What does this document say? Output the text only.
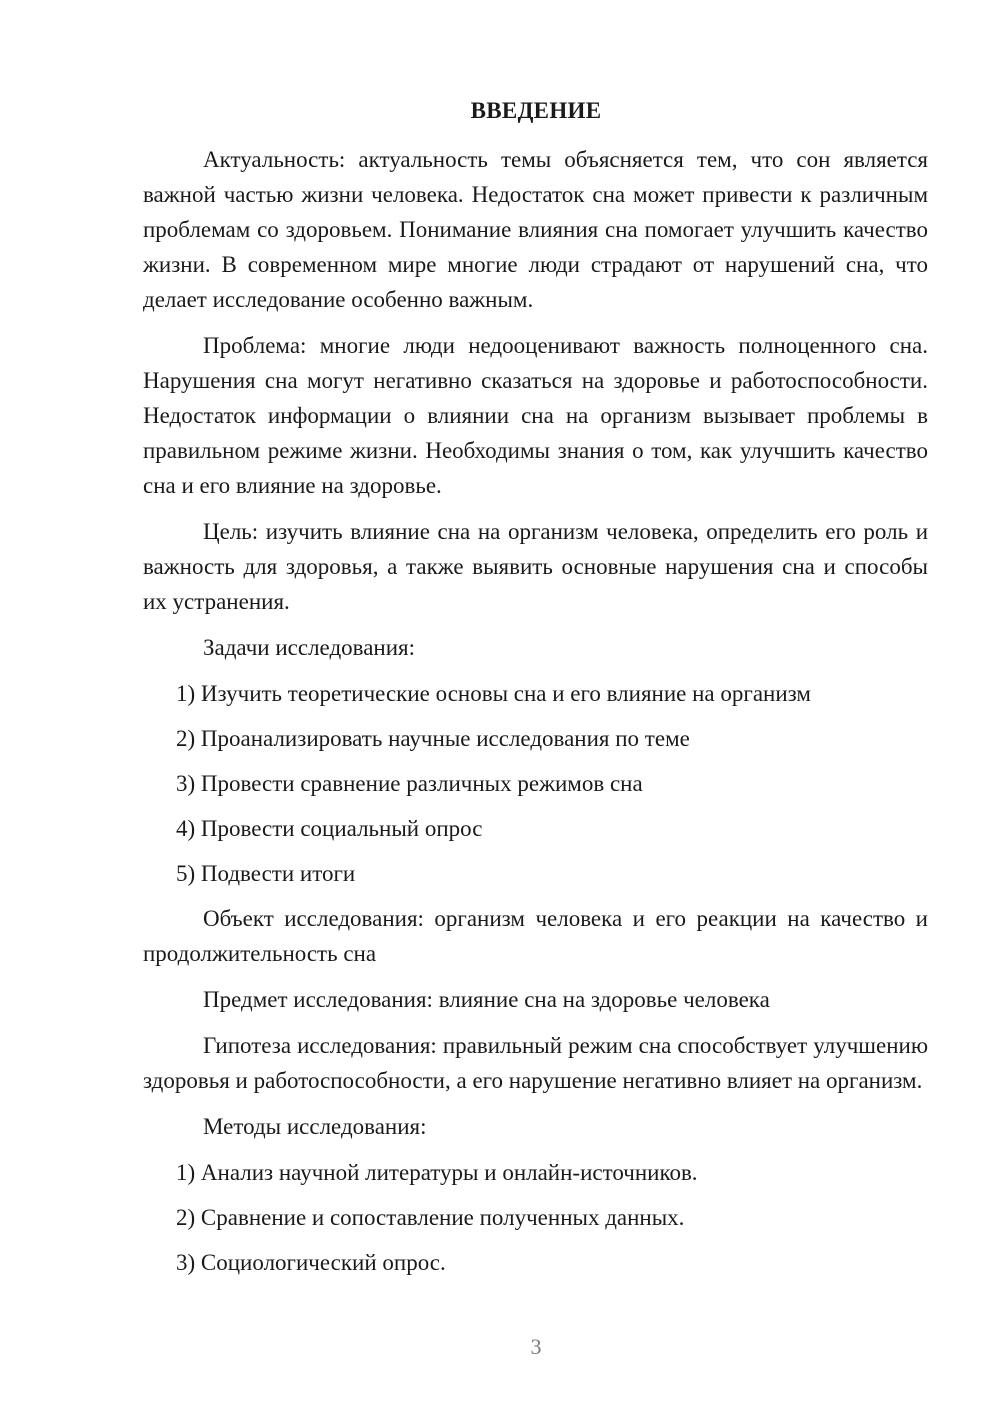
ВВЕДЕНИЕ

Актуальность: актуальность темы объясняется тем, что сон является важной частью жизни человека. Недостаток сна может привести к различным проблемам со здоровьем. Понимание влияния сна помогает улучшить качество жизни. В современном мире многие люди страдают от нарушений сна, что делает исследование особенно важным.

Проблема: многие люди недооценивают важность полноценного сна. Нарушения сна могут негативно сказаться на здоровье и работоспособности. Недостаток информации о влиянии сна на организм вызывает проблемы в правильном режиме жизни. Необходимы знания о том, как улучшить качество сна и его влияние на здоровье.

Цель: изучить влияние сна на организм человека, определить его роль и важность для здоровья, а также выявить основные нарушения сна и способы их устранения.

Задачи исследования:

1) Изучить теоретические основы сна и его влияние на организм

2) Проанализировать научные исследования по теме

3) Провести сравнение различных режимов сна

4) Провести социальный опрос

5) Подвести итоги

Объект исследования: организм человека и его реакции на качество и продолжительность сна

Предмет исследования: влияние сна на здоровье человека

Гипотеза исследования: правильный режим сна способствует улучшению здоровья и работоспособности, а его нарушение негативно влияет на организм.

Методы исследования:

1) Анализ научной литературы и онлайн-источников.

2) Сравнение и сопоставление полученных данных.

3) Социологический опрос.

3
